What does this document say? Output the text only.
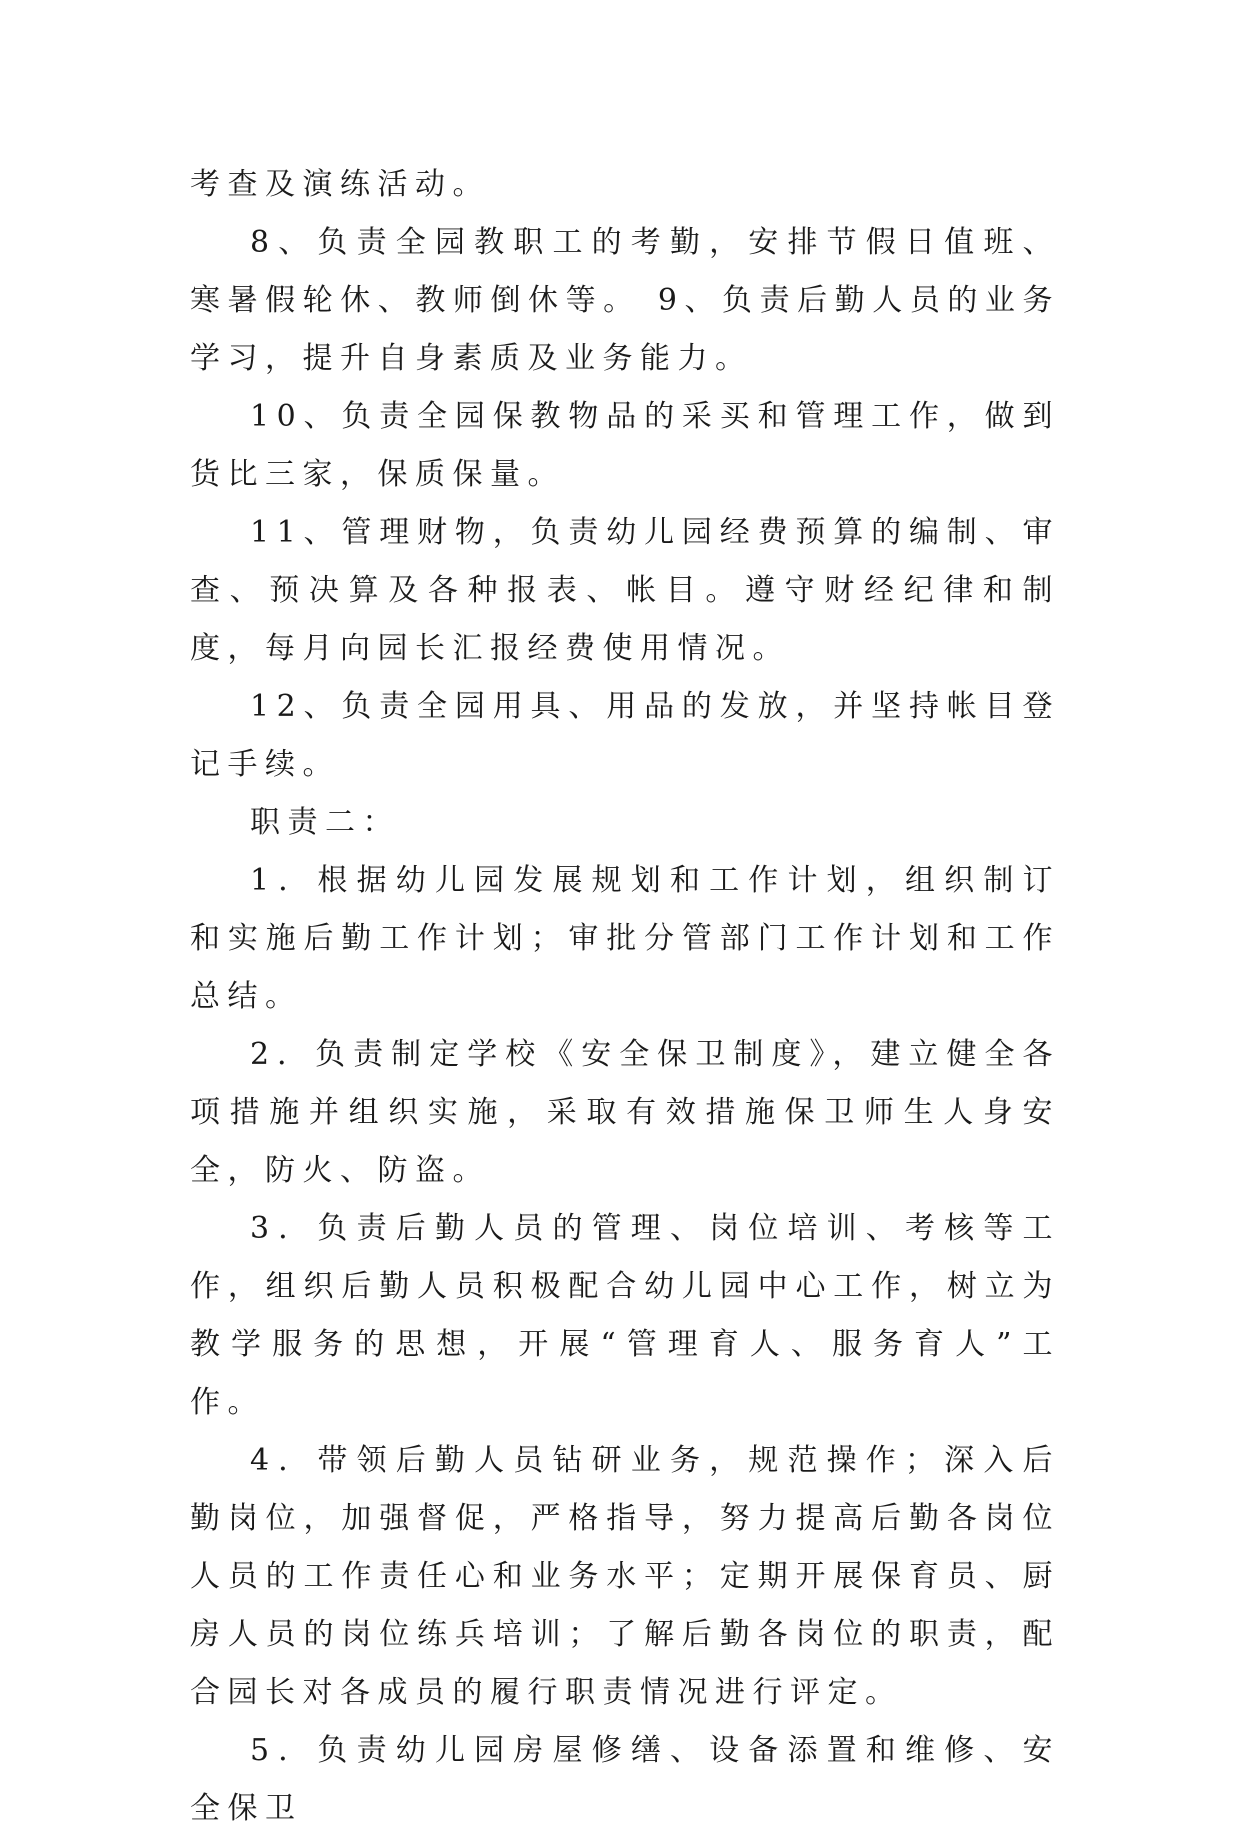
考查及演练活动。

8、负责全园教职工的考勤，安排节假日值班、寒暑假轮休、教师倒休等。 9、负责后勤人员的业务学习，提升自身素质及业务能力。

10、负责全园保教物品的采买和管理工作，做到货比三家，保质保量。

11、管理财物，负责幼儿园经费预算的编制、审查、预决算及各种报表、帐目。遵守财经纪律和制度，每月向园长汇报经费使用情况。

12、负责全园用具、用品的发放，并坚持帐目登记手续。

职责二：

1．根据幼儿园发展规划和工作计划，组织制订和实施后勤工作计划；审批分管部门工作计划和工作总结。

2．负责制定学校《安全保卫制度》，建立健全各项措施并组织实施，采取有效措施保卫师生人身安全，防火、防盗。

3．负责后勤人员的管理、岗位培训、考核等工作，组织后勤人员积极配合幼儿园中心工作，树立为教学服务的思想，开展“管理育人、服务育人”工作。

4．带领后勤人员钻研业务，规范操作；深入后勤岗位，加强督促，严格指导，努力提高后勤各岗位人员的工作责任心和业务水平；定期开展保育员、厨房人员的岗位练兵培训；了解后勤各岗位的职责，配合园长对各成员的履行职责情况进行评定。

5．负责幼儿园房屋修缮、设备添置和维修、安全保卫
